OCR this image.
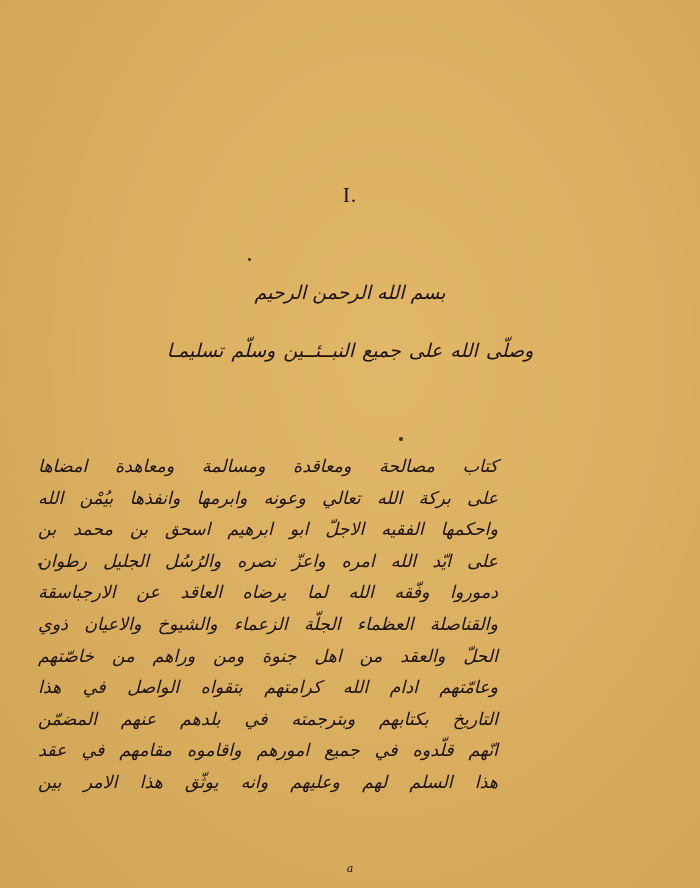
I.
بسم الله الرحمن الرحيم
وصلّى الله على جميع النبــئــين وسلّم تسليمـا
كتاب مصالحة ومعاقدة ومسالمة ومعاهدة امضاها
على بركة الله تعالي وعونه وابرمها وانفذها بيُمْن الله
واحكمها الفقيه الاجلّ ابو ابرهيم اسحق بن محمد بن
على ايّد الله امره واعزّ نصره والرُسُل الجليل رطوان
دموروا وفّقه الله لما يرضاه العاقد عن الارجباسقة
والقناصلة العظماء الجلّة الزعماء والشيوخ والاعيان ذوي
الحلّ والعقد من اهل جنوة ومن وراهم من خاصّتهم
وعامّتهم ادام الله كرامتهم بتقواه الواصل في هذا
التاريخ بكتابهم وبترجمته في بلدهم عنهم المضمّن
انّهم قلّدوه في جميع امورهم واقاموه مقامهم في عقد
هذا السلم لهم وعليهم وانه يوثّق هذا الامر بين
a
